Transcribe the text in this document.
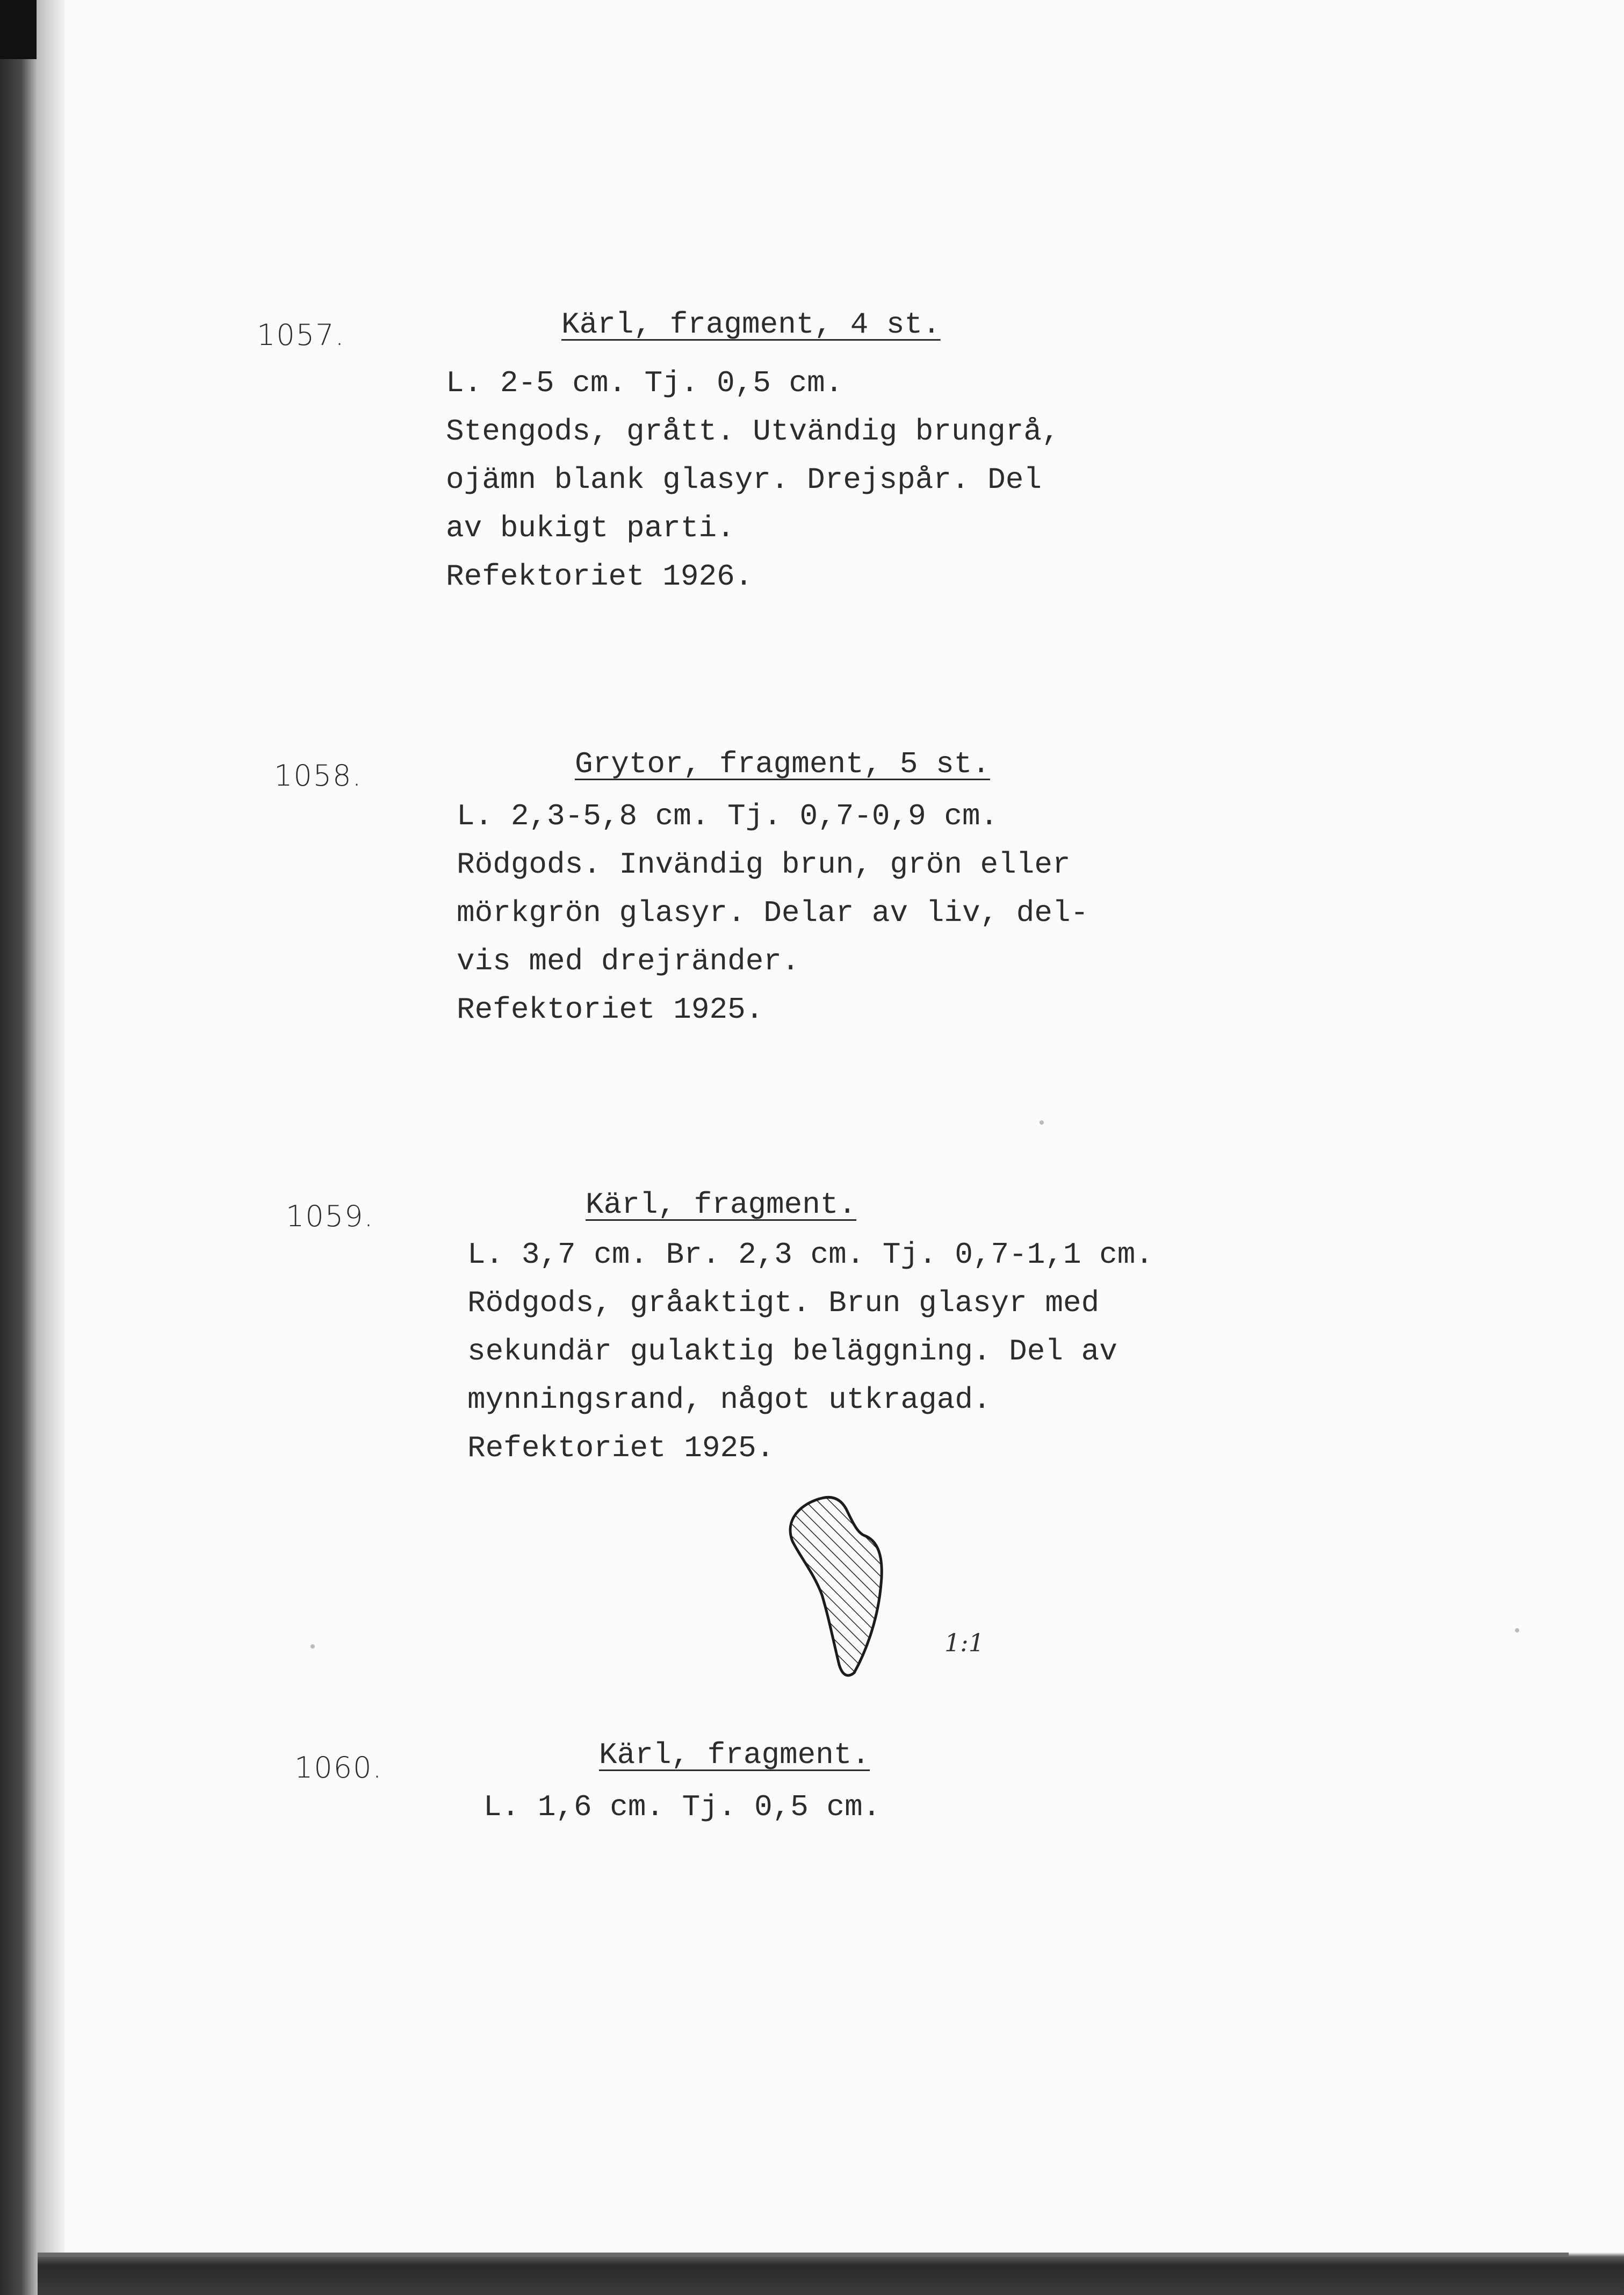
1057.	Kärl, fragment, 4 st.
L. 2-5 cm. Tj. 0,5 cm.
Stengods, grått. Utvändig brungrå,
ojämn blank glasyr. Drejspår. Del
av bukigt parti.
Refektoriet 1926.
1058.	Grytor, fragment, 5 st.
L. 2,3-5,8 cm. Tj. 0,7-0,9 cm.
Rödgods. Invändig brun, grön eller
mörkgrön glasyr. Delar av liv, del-
vis med drejränder.
Refektoriet 1925.
1059.	Kärl, fragment.
L. 3,7 cm. Br. 2,3 cm. Tj. 0,7-1,1 cm.
Rödgods, gråaktigt. Brun glasyr med
sekundär gulaktig beläggning. Del av
mynningsrand, något utkragad.
Refektoriet 1925.
1:1
1060.	Kärl, fragment.
L. 1,6 cm. Tj. 0,5 cm.
